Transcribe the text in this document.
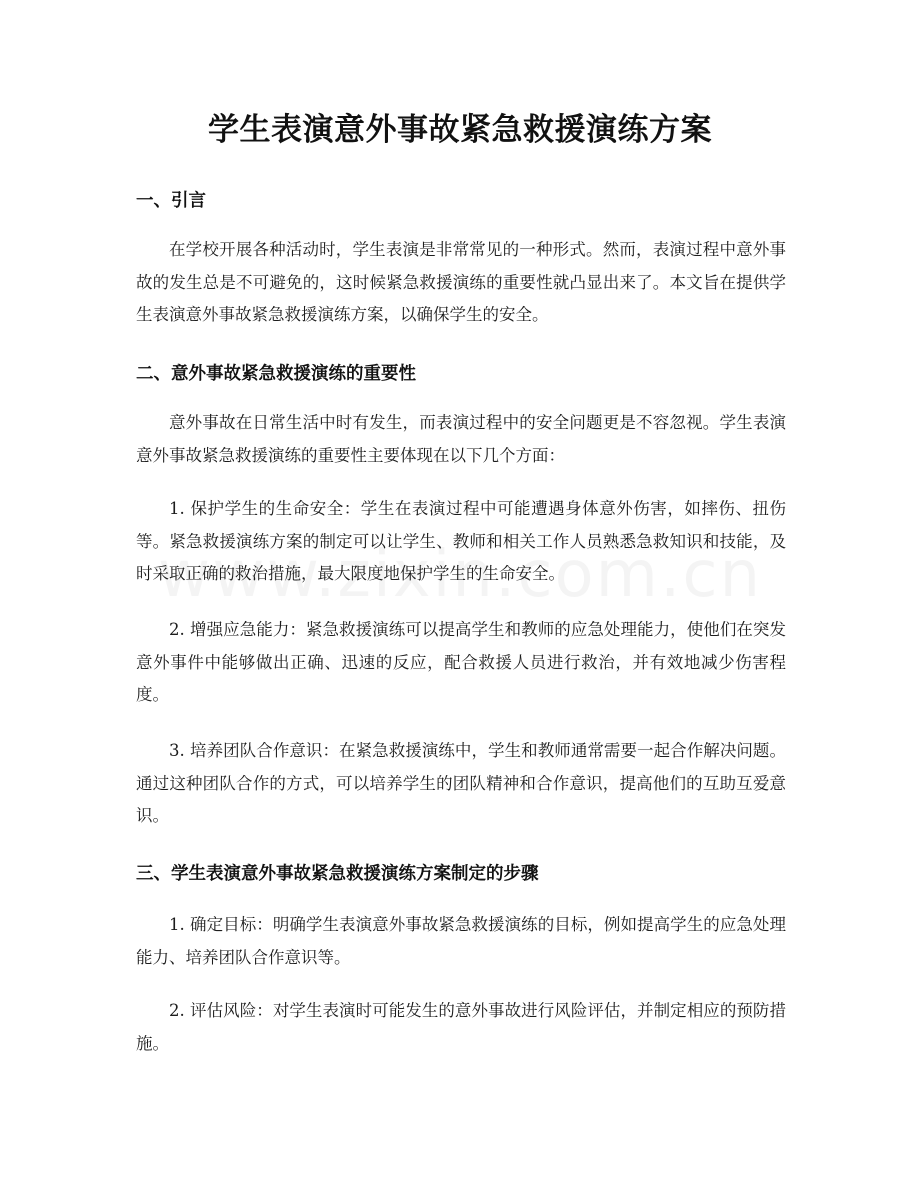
学生表演意外事故紧急救援演练方案
一、引言

在学校开展各种活动时，学生表演是非常常见的一种形式。然而，表演过程中意外事故的发生总是不可避免的，这时候紧急救援演练的重要性就凸显出来了。本文旨在提供学生表演意外事故紧急救援演练方案，以确保学生的安全。

二、意外事故紧急救援演练的重要性

意外事故在日常生活中时有发生，而表演过程中的安全问题更是不容忽视。学生表演意外事故紧急救援演练的重要性主要体现在以下几个方面：

1. 保护学生的生命安全：学生在表演过程中可能遭遇身体意外伤害，如摔伤、扭伤等。紧急救援演练方案的制定可以让学生、教师和相关工作人员熟悉急救知识和技能，及时采取正确的救治措施，最大限度地保护学生的生命安全。

2. 增强应急能力：紧急救援演练可以提高学生和教师的应急处理能力，使他们在突发意外事件中能够做出正确、迅速的反应，配合救援人员进行救治，并有效地减少伤害程度。

3. 培养团队合作意识：在紧急救援演练中，学生和教师通常需要一起合作解决问题。通过这种团队合作的方式，可以培养学生的团队精神和合作意识，提高他们的互助互爱意识。

三、学生表演意外事故紧急救援演练方案制定的步骤

1. 确定目标：明确学生表演意外事故紧急救援演练的目标，例如提高学生的应急处理能力、培养团队合作意识等。

2. 评估风险：对学生表演时可能发生的意外事故进行风险评估，并制定相应的预防措施。
